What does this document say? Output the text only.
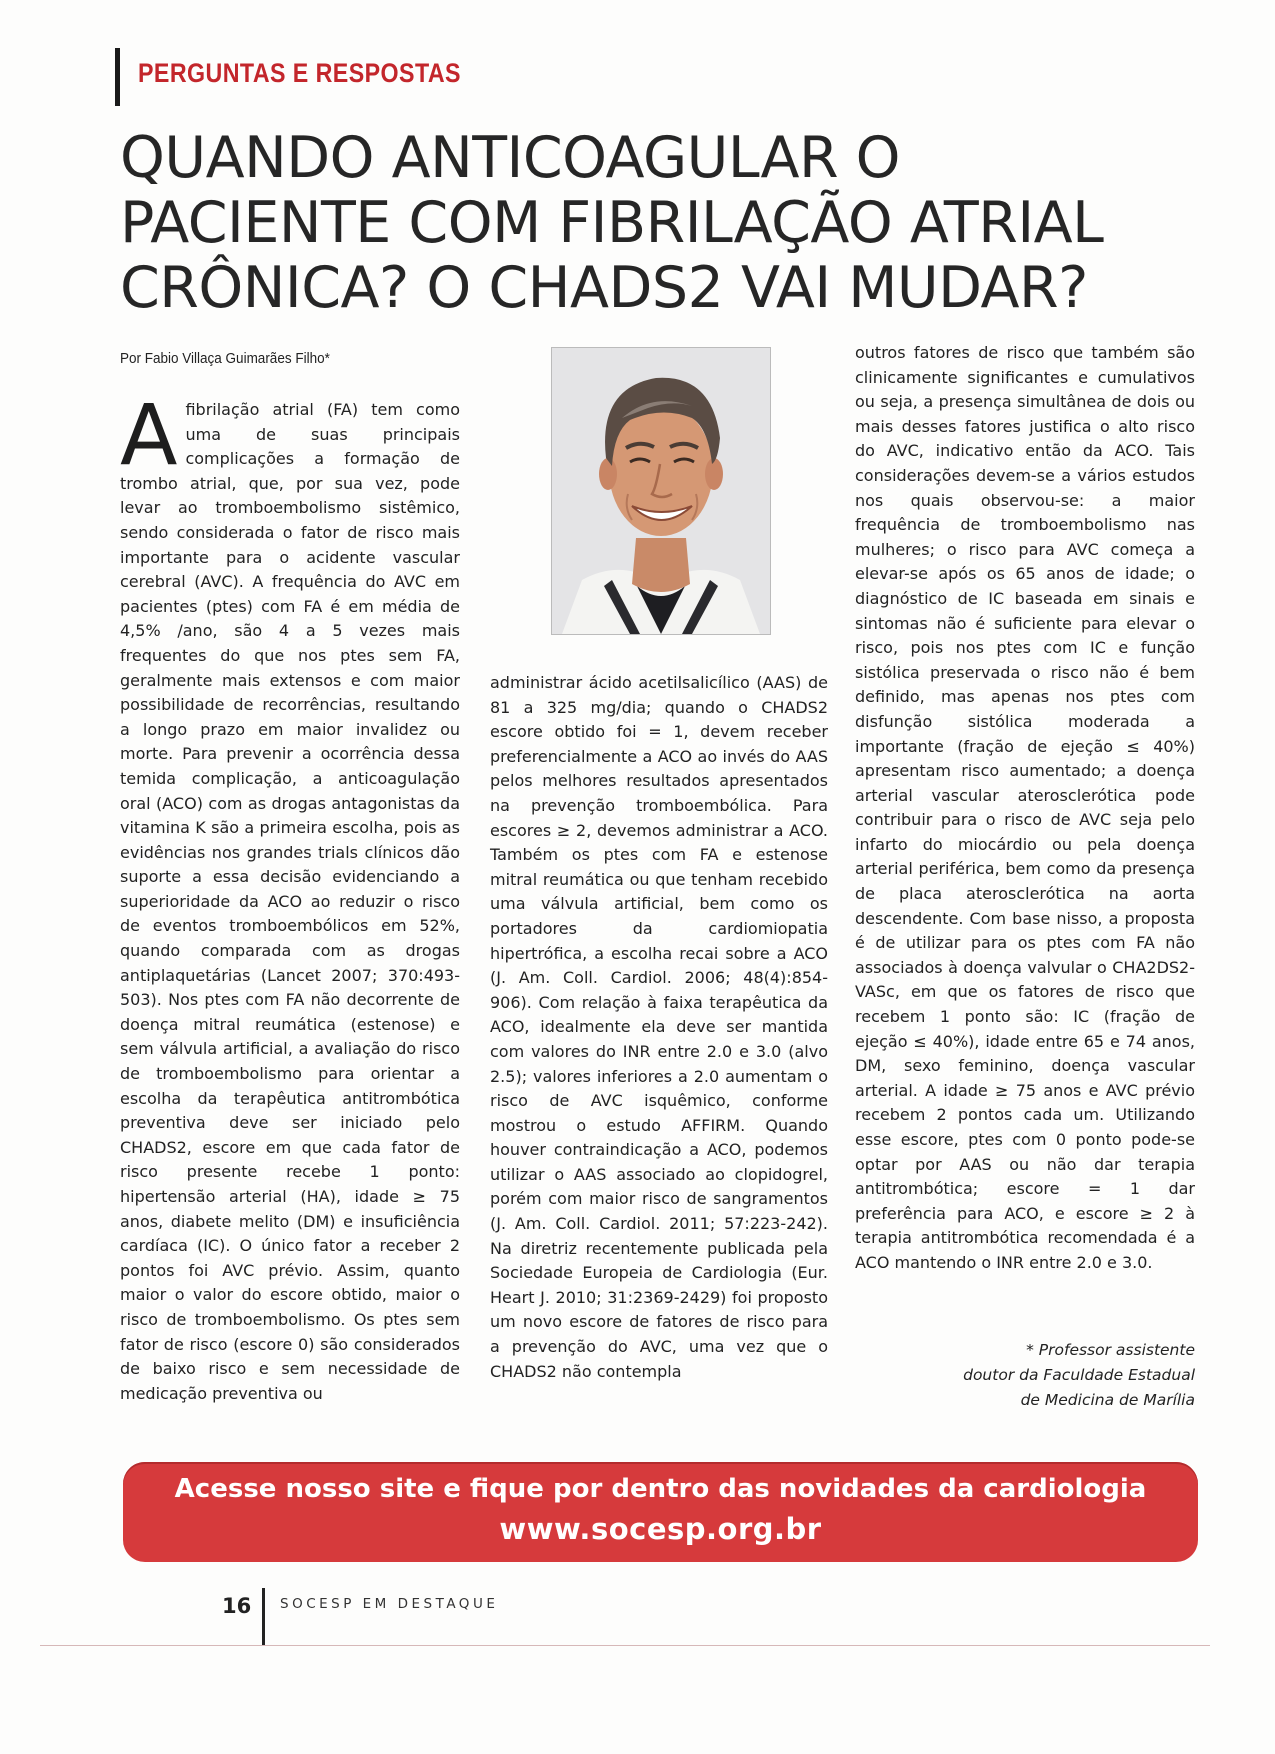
PERGUNTAS E RESPOSTAS
QUANDO ANTICOAGULAR O
PACIENTE COM FIBRILAÇÃO ATRIAL
CRÔNICA? O CHADS2 VAI MUDAR?
Por Fabio Villaça Guimarães Filho*

Afibrilação atrial (FA) tem como uma de suas principais complicações a formação de trombo atrial, que, por sua vez, pode levar ao tromboembolismo sistêmico, sendo considerada o fator de risco mais importante para o acidente vascular cerebral (AVC). A frequência do AVC em pacientes (ptes) com FA é em média de 4,5% /ano, são 4 a 5 vezes mais frequentes do que nos ptes sem FA, geralmente mais extensos e com maior possibilidade de recorrências, resultando a longo prazo em maior invalidez ou morte. Para prevenir a ocorrência dessa temida complicação, a anticoagulação oral (ACO) com as drogas antagonistas da vitamina K são a primeira escolha, pois as evidências nos grandes trials clínicos dão suporte a essa decisão evidenciando a superioridade da ACO ao reduzir o risco de eventos tromboembólicos em 52%, quando comparada com as drogas antiplaquetárias (Lancet 2007; 370:493-503). Nos ptes com FA não decorrente de doença mitral reumática (estenose) e sem válvula artificial, a avaliação do risco de tromboembolismo para orientar a escolha da terapêutica antitrombótica preventiva deve ser iniciado pelo CHADS2, escore em que cada fator de risco presente recebe 1 ponto: hipertensão arterial (HA), idade ≥ 75 anos, diabete melito (DM) e insuficiência cardíaca (IC). O único fator a receber 2 pontos foi AVC prévio. Assim, quanto maior o valor do escore obtido, maior o risco de tromboembolismo. Os ptes sem fator de risco (escore 0) são considerados de baixo risco e sem necessidade de medicação preventiva ou

administrar ácido acetilsalicílico (AAS) de 81 a 325 mg/dia; quando o CHADS2 escore obtido foi = 1, devem receber preferencialmente a ACO ao invés do AAS pelos melhores resultados apresentados na prevenção tromboembólica. Para escores ≥ 2, devemos administrar a ACO. Também os ptes com FA e estenose mitral reumática ou que tenham recebido uma válvula artificial, bem como os portadores da cardiomiopatia hipertrófica, a escolha recai sobre a ACO (J. Am. Coll. Cardiol. 2006; 48(4):854-906). Com relação à faixa terapêutica da ACO, idealmente ela deve ser mantida com valores do INR entre 2.0 e 3.0 (alvo 2.5); valores inferiores a 2.0 aumentam o risco de AVC isquêmico, conforme mostrou o estudo AFFIRM. Quando houver contraindicação a ACO, podemos utilizar o AAS associado ao clopidogrel, porém com maior risco de sangramentos (J. Am. Coll. Cardiol. 2011; 57:223-242). Na diretriz recentemente publicada pela Sociedade Europeia de Cardiologia (Eur. Heart J. 2010; 31:2369-2429) foi proposto um novo escore de fatores de risco para a prevenção do AVC, uma vez que o CHADS2 não contempla

outros fatores de risco que também são clinicamente significantes e cumulativos ou seja, a presença simultânea de dois ou mais desses fatores justifica o alto risco do AVC, indicativo então da ACO. Tais considerações devem-se a vários estudos nos quais observou-se: a maior frequência de tromboembolismo nas mulheres; o risco para AVC começa a elevar-se após os 65 anos de idade; o diagnóstico de IC baseada em sinais e sintomas não é suficiente para elevar o risco, pois nos ptes com IC e função sistólica preservada o risco não é bem definido, mas apenas nos ptes com disfunção sistólica moderada a importante (fração de ejeção ≤ 40%) apresentam risco aumentado; a doença arterial vascular aterosclerótica pode contribuir para o risco de AVC seja pelo infarto do miocárdio ou pela doença arterial periférica, bem como da presença de placa aterosclerótica na aorta descendente. Com base nisso, a proposta é de utilizar para os ptes com FA não associados à doença valvular o CHA2DS2-VASc, em que os fatores de risco que recebem 1 ponto são: IC (fração de ejeção ≤ 40%), idade entre 65 e 74 anos, DM, sexo feminino, doença vascular arterial. A idade ≥ 75 anos e AVC prévio recebem 2 pontos cada um. Utilizando esse escore, ptes com 0 ponto pode-se optar por AAS ou não dar terapia antitrombótica; escore = 1 dar preferência para ACO, e escore ≥ 2 à terapia antitrombótica recomendada é a ACO mantendo o INR entre 2.0 e 3.0.

* Professor assistente
doutor da Faculdade Estadual
de Medicina de Marília
Acesse nosso site e fique por dentro das novidades da cardiologia
www.socesp.org.br
16 SOCESP EM DESTAQUE
